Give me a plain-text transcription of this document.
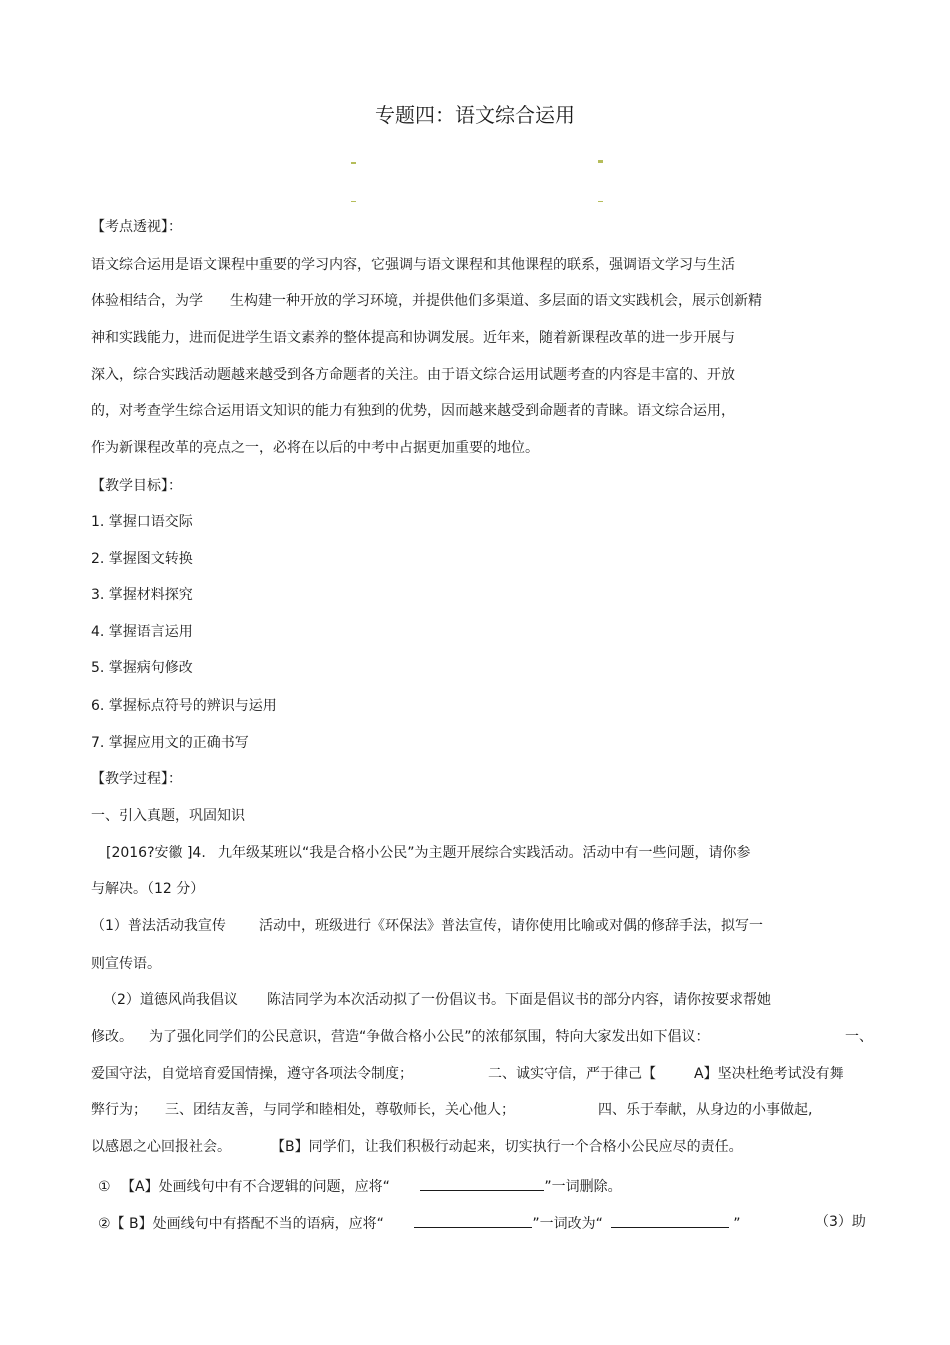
专题四：语文综合运用
【考点透视】：
语文综合运用是语文课程中重要的学习内容，它强调与语文课程和其他课程的联系，强调语文学习与生活
体验相结合，为学 生构建一种开放的学习环境，并提供他们多渠道、多层面的语文实践机会，展示创新精
神和实践能力，进而促进学生语文素养的整体提高和协调发展。近年来，随着新课程改革的进一步开展与
深入，综合实践活动题越来越受到各方命题者的关注。由于语文综合运用试题考查的内容是丰富的、开放
的，对考查学生综合运用语文知识的能力有独到的优势，因而越来越受到命题者的青睐。语文综合运用，
作为新课程改革的亮点之一，必将在以后的中考中占据更加重要的地位。
【教学目标】：
1. 掌握口语交际
2. 掌握图文转换
3. 掌握材料探究
4. 掌握语言运用
5. 掌握病句修改
6. 掌握标点符号的辨识与运用
7. 掌握应用文的正确书写
【教学过程】：
一、引入真题，巩固知识
[2016?安徽 ]4. 九年级某班以“我是合格小公民”为主题开展综合实践活动。活动中有一些问题，请你参
与解决。（12 分）
（1）普法活动我宣传 活动中，班级进行《环保法》普法宣传，请你使用比喻或对偶的修辞手法，拟写一
则宣传语。
（2）道德风尚我倡议 陈洁同学为本次活动拟了一份倡议书。下面是倡议书的部分内容，请你按要求帮她
修改。 为了强化同学们的公民意识，营造“争做合格小公民”的浓郁氛围，特向大家发出如下倡议：	一、
爱国守法，自觉培育爱国情操，遵守各项法令制度；	二、诚实守信，严于律己【	A】坚决杜绝考试没有舞
弊行为； 三、团结友善，与同学和睦相处，尊敬师长，关心他人；	四、乐于奉献，从身边的小事做起,
以感恩之心回报社会。	【B】同学们，让我们积极行动起来，切实执行一个合格小公民应尽的责任。
① 【A】处画线句中有不合逻辑的问题，应将“	”一词删除。
②【 B】处画线句中有搭配不当的语病，应将“	”一词改为“	”	（3）助
